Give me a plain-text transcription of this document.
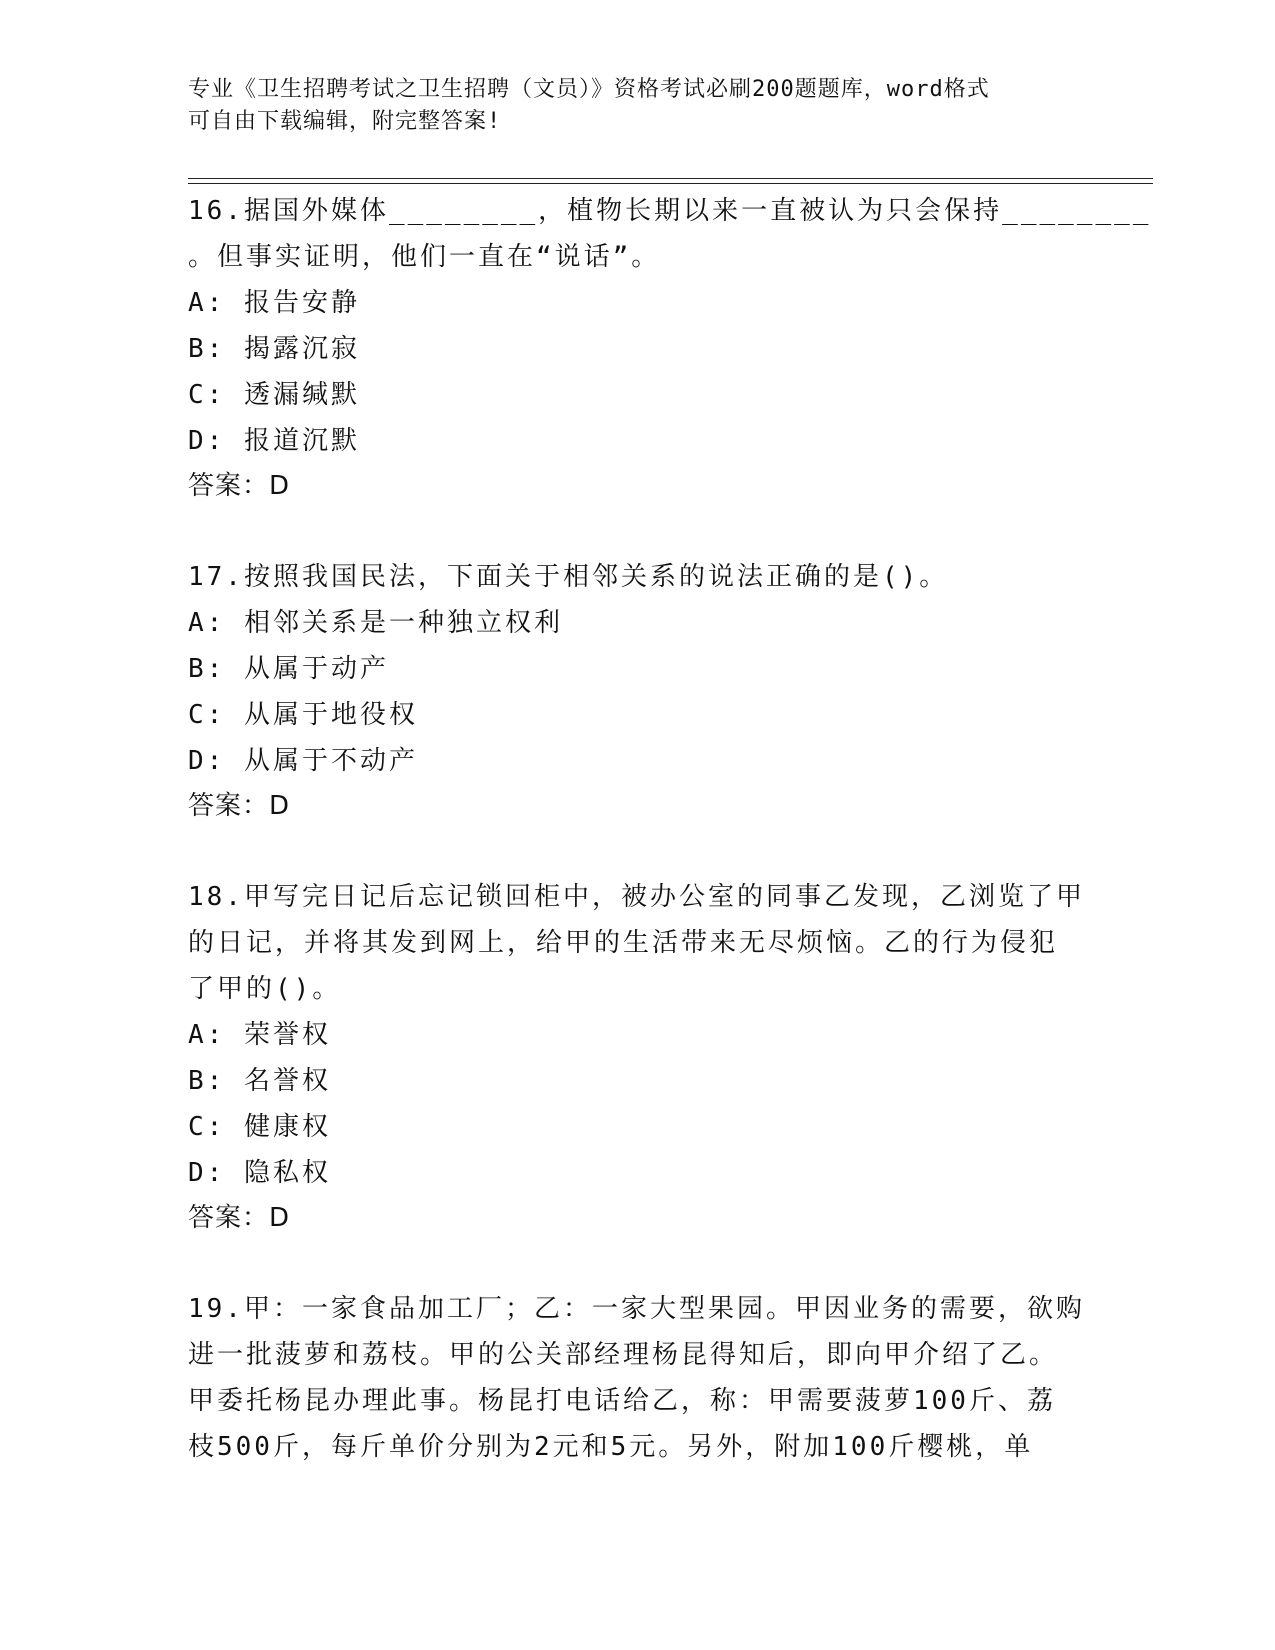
专业《卫生招聘考试之卫生招聘（文员）》资格考试必刷200题题库，word格式

可自由下载编辑，附完整答案!

16.据国外媒体________，植物长期以来一直被认为只会保持________

。但事实证明，他们一直在“说话”。

A: 报告安静

B: 揭露沉寂

C: 透漏缄默

D: 报道沉默

答案：D

17.按照我国民法，下面关于相邻关系的说法正确的是()。

A: 相邻关系是一种独立权利

B: 从属于动产

C: 从属于地役权

D: 从属于不动产

答案：D

18.甲写完日记后忘记锁回柜中，被办公室的同事乙发现，乙浏览了甲

的日记，并将其发到网上，给甲的生活带来无尽烦恼。乙的行为侵犯

了甲的()。

A: 荣誉权

B: 名誉权

C: 健康权

D: 隐私权

答案：D

19.甲：一家食品加工厂；乙：一家大型果园。甲因业务的需要，欲购

进一批菠萝和荔枝。甲的公关部经理杨昆得知后，即向甲介绍了乙。

甲委托杨昆办理此事。杨昆打电话给乙，称：甲需要菠萝100斤、荔

枝500斤，每斤单价分别为2元和5元。另外，附加100斤樱桃，单
